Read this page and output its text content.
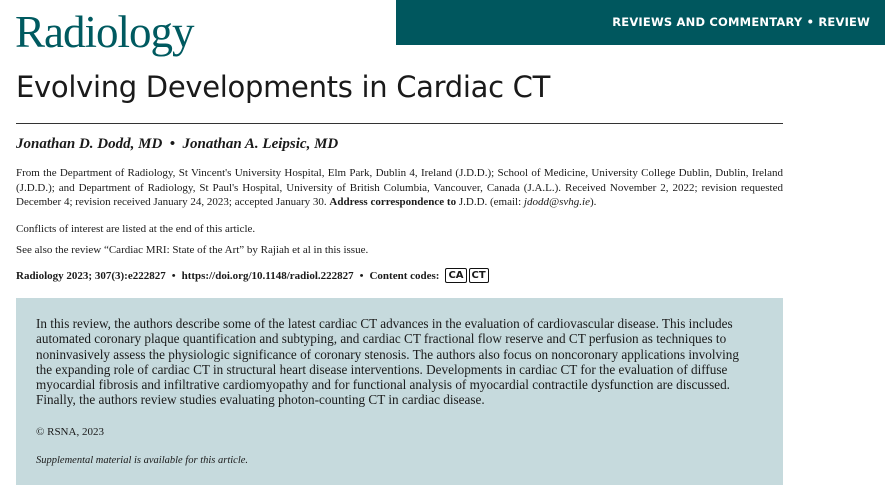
Radiology	REVIEWS AND COMMENTARY • REVIEW
Evolving Developments in Cardiac CT
Jonathan D. Dodd, MD  •  Jonathan A. Leipsic, MD
From the Department of Radiology, St Vincent's University Hospital, Elm Park, Dublin 4, Ireland (J.D.D.); School of Medicine, University College Dublin, Dublin, Ireland (J.D.D.); and Department of Radiology, St Paul's Hospital, University of British Columbia, Vancouver, Canada (J.A.L.). Received November 2, 2022; revision requested December 4; revision received January 24, 2023; accepted January 30. Address correspondence to J.D.D. (email: jdodd@svhg.ie).
Conflicts of interest are listed at the end of this article.
See also the review “Cardiac MRI: State of the Art” by Rajiah et al in this issue.
Radiology 2023; 307(3):e222827 • https://doi.org/10.1148/radiol.222827 • Content codes: CA CT
In this review, the authors describe some of the latest cardiac CT advances in the evaluation of cardiovascular disease. This includes
automated coronary plaque quantification and subtyping, and cardiac CT fractional flow reserve and CT perfusion as techniques to
noninvasively assess the physiologic significance of coronary stenosis. The authors also focus on noncoronary applications involving
the expanding role of cardiac CT in structural heart disease interventions. Developments in cardiac CT for the evaluation of diffuse
myocardial fibrosis and infiltrative cardiomyopathy and for functional analysis of myocardial contractile dysfunction are discussed.
Finally, the authors review studies evaluating photon-counting CT in cardiac disease.
© RSNA, 2023
Supplemental material is available for this article.
